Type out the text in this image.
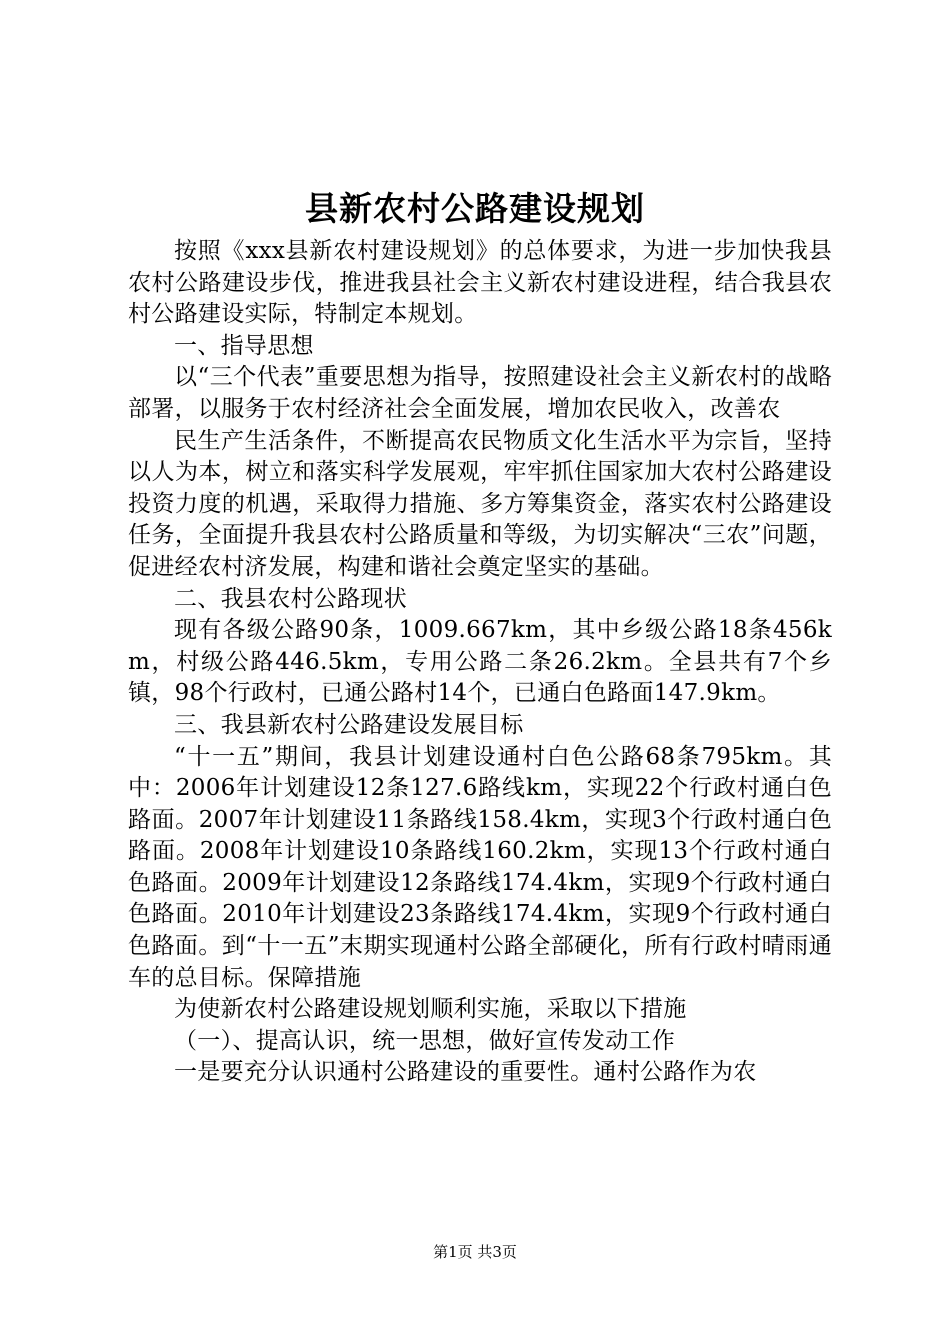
县新农村公路建设规划

按照《xxx县新农村建设规划》的总体要求，为进一步加快我县农村公路建设步伐，推进我县社会主义新农村建设进程，结合我县农村公路建设实际，特制定本规划。

一、指导思想

以“三个代表”重要思想为指导，按照建设社会主义新农村的战略部署，以服务于农村经济社会全面发展，增加农民收入，改善农

民生产生活条件，不断提高农民物质文化生活水平为宗旨，坚持以人为本，树立和落实科学发展观，牢牢抓住国家加大农村公路建设投资力度的机遇，采取得力措施、多方筹集资金，落实农村公路建设任务，全面提升我县农村公路质量和等级，为切实解决“三农”问题，促进经农村济发展，构建和谐社会奠定坚实的基础。

二、我县农村公路现状

现有各级公路90条，1009.667km，其中乡级公路18条456km，村级公路446.5km，专用公路二条26.2km。全县共有7个乡镇，98个行政村，已通公路村14个，已通白色路面147.9km。

三、我县新农村公路建设发展目标

“十一五”期间，我县计划建设通村白色公路68条795km。其中：2006年计划建设12条127.6路线km，实现22个行政村通白色路面。2007年计划建设11条路线158.4km，实现3个行政村通白色路面。2008年计划建设10条路线160.2km，实现13个行政村通白色路面。2009年计划建设12条路线174.4km，实现9个行政村通白色路面。2010年计划建设23条路线174.4km，实现9个行政村通白色路面。到“十一五”末期实现通村公路全部硬化，所有行政村晴雨通车的总目标。保障措施

为使新农村公路建设规划顺利实施，采取以下措施

（一）、提高认识，统一思想，做好宣传发动工作

一是要充分认识通村公路建设的重要性。通村公路作为农

第1页 共3页
